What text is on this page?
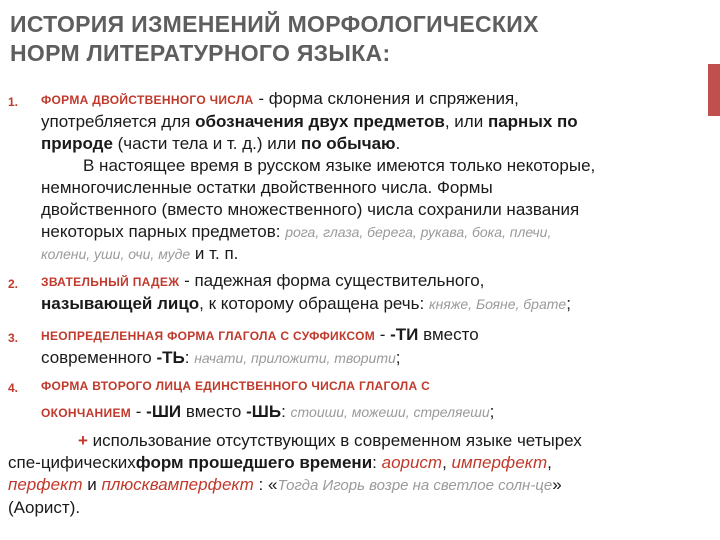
ИСТОРИЯ ИЗМЕНЕНИЙ МОРФОЛОГИЧЕСКИХ
НОРМ ЛИТЕРАТУРНОГО ЯЗЫКА:
1. ФОРМА ДВОЙСТВЕННОГО ЧИСЛА - форма склонения и спряжения,
употребляется для обозначения двух предметов, или парных по
природе (части тела и т. д.) или по обычаю.
В настоящее время в русском языке имеются только некоторые,
немногочисленные остатки двойственного числа. Формы
двойственного (вместо множественного) числа сохранили названия
некоторых парных предметов: рога, глаза, берега, рукава, бока, плечи,
колени, уши, очи, муде и т. п.
2. ЗВАТЕЛЬНЫЙ ПАДЕЖ - падежная форма существительного,
называющей лицо, к которому обращена речь: княже, Бояне, брате;
3. НЕОПРЕДЕЛЕННАЯ ФОРМА ГЛАГОЛА С СУФФИКСОМ - -ТИ вместо
современного -ТЬ: начати, приложити, творити;
4. ФОРМА ВТОРОГО ЛИЦА ЕДИНСТВЕННОГО ЧИСЛА ГЛАГОЛА С
ОКОНЧАНИЕМ - -ШИ вместо -ШЬ: стоиши, можеши, стреляеши;
+ использование отсутствующих в современном языке четырех
спе-цифическихформ прошедшего времени: аорист, имперфект,
перфект и плюсквамперфект : «Тогда Игорь возре на светлое солн-це»
(Аорист).
